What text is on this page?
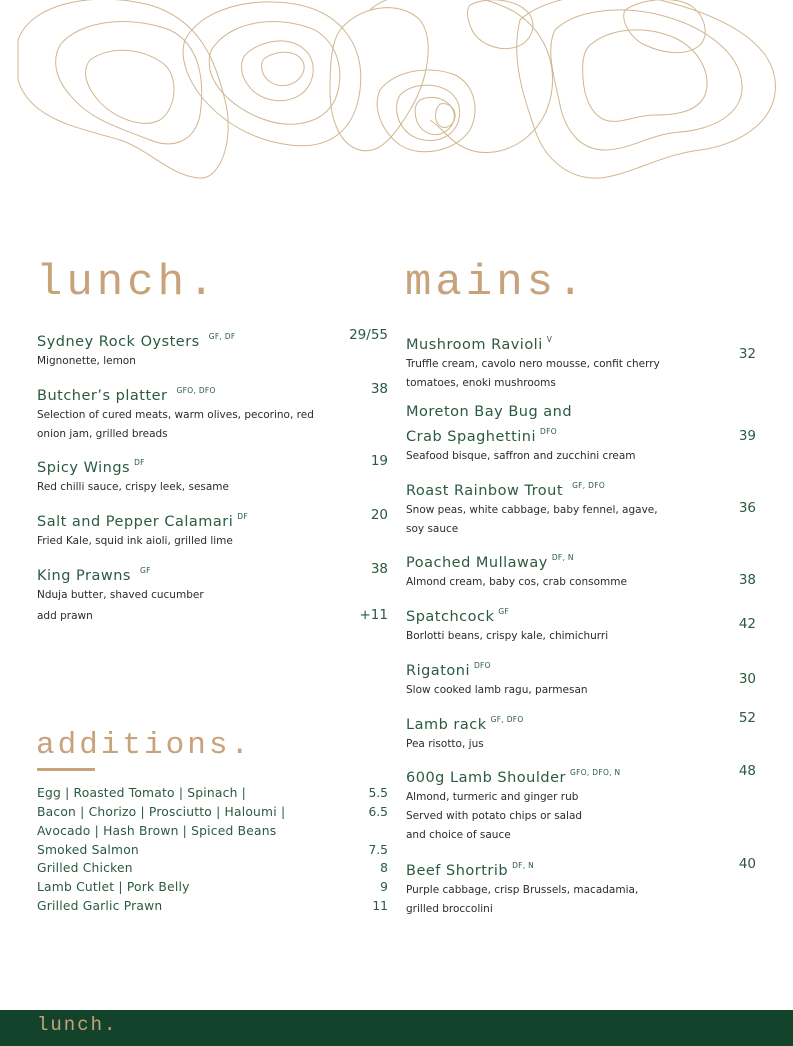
lunch.
Sydney Rock Oysters $^{GF, DF}$
Mignonette, lemon
29/55
Butcher’s platter $^{GFO, DFO}$
Selection of cured meats, warm olives, pecorino, red onion jam, grilled breads
38
Spicy Wings $^{DF}$
Red chilli sauce, crispy leek, sesame
19
Salt and Pepper Calamari $^{DF}$
Fried Kale, squid ink aioli, grilled lime
20
King Prawns $^{GF}$
Nduja butter, shaved cucumber
38
add prawn	+11
additions.
Egg | Roasted Tomato | Spinach |	5.5
Bacon | Chorizo | Prosciutto | Haloumi |	6.5
Avocado | Hash Brown | Spiced Beans
Smoked Salmon	7.5
Grilled Chicken	8
Lamb Cutlet | Pork Belly	9
Grilled Garlic Prawn	11
mains.
Mushroom Ravioli $^V$
Truffle cream, cavolo nero mousse, confit cherry
tomatoes, enoki mushrooms
32
Moreton Bay Bug and
Crab Spaghettini $^{DFO}$
Seafood bisque, saffron and zucchini cream
39
Roast Rainbow Trout $^{GF, DFO}$
Snow peas, white cabbage, baby fennel, agave,
soy sauce
36
Poached Mullaway $^{DF, N}$
Almond cream, baby cos, crab consomme	38
Spatchcock $^{GF}$
Borlotti beans, crispy kale, chimichurri
42
Rigatoni $^{DFO}$
Slow cooked lamb ragu, parmesan
30
Lamb rack $^{GF, DFO}$
Pea risotto, jus
52
600g Lamb Shoulder $^{GFO, DFO, N}$
Almond, turmeric and ginger rub
Served with potato chips or salad
and choice of sauce
48
Beef Shortrib $^{DF, N}$
Purple cabbage, crisp Brussels, macadamia,
grilled broccolini
40
lunch.
